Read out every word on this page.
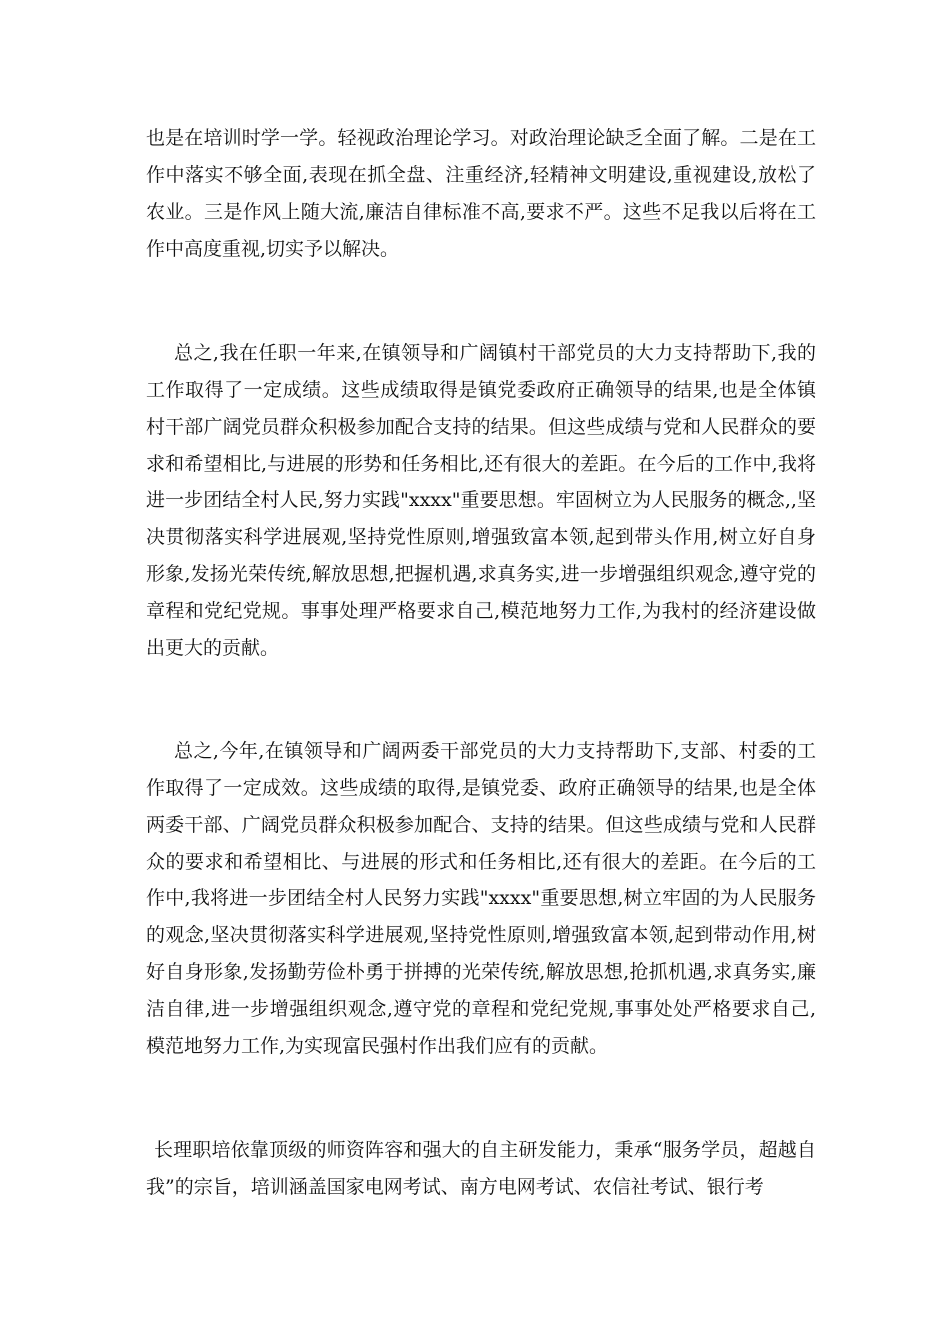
也是在培训时学一学。轻视政治理论学习。对政治理论缺乏全面了解。二是在工作中落实不够全面,表现在抓全盘、注重经济,轻精神文明建设,重视建设,放松了农业。三是作风上随大流,廉洁自律标准不高,要求不严。这些不足我以后将在工作中高度重视,切实予以解决。

总之,我在任职一年来,在镇领导和广阔镇村干部党员的大力支持帮助下,我的工作取得了一定成绩。这些成绩取得是镇党委政府正确领导的结果,也是全体镇村干部广阔党员群众积极参加配合支持的结果。但这些成绩与党和人民群众的要求和希望相比,与进展的形势和任务相比,还有很大的差距。在今后的工作中,我将进一步团结全村人民,努力实践"xxxx"重要思想。牢固树立为人民服务的概念,,坚决贯彻落实科学进展观,坚持党性原则,增强致富本领,起到带头作用,树立好自身形象,发扬光荣传统,解放思想,把握机遇,求真务实,进一步增强组织观念,遵守党的章程和党纪党规。事事处理严格要求自己,模范地努力工作,为我村的经济建设做出更大的贡献。

总之,今年,在镇领导和广阔两委干部党员的大力支持帮助下,支部、村委的工作取得了一定成效。这些成绩的取得,是镇党委、政府正确领导的结果,也是全体两委干部、广阔党员群众积极参加配合、支持的结果。但这些成绩与党和人民群众的要求和希望相比、与进展的形式和任务相比,还有很大的差距。在今后的工作中,我将进一步团结全村人民努力实践"xxxx"重要思想,树立牢固的为人民服务的观念,坚决贯彻落实科学进展观,坚持党性原则,增强致富本领,起到带动作用,树好自身形象,发扬勤劳俭朴勇于拼搏的光荣传统,解放思想,抢抓机遇,求真务实,廉洁自律,进一步增强组织观念,遵守党的章程和党纪党规,事事处处严格要求自己,模范地努力工作,为实现富民强村作出我们应有的贡献。

长理职培依靠顶级的师资阵容和强大的自主研发能力，秉承“服务学员，超越自我”的宗旨，培训涵盖国家电网考试、南方电网考试、农信社考试、银行考
